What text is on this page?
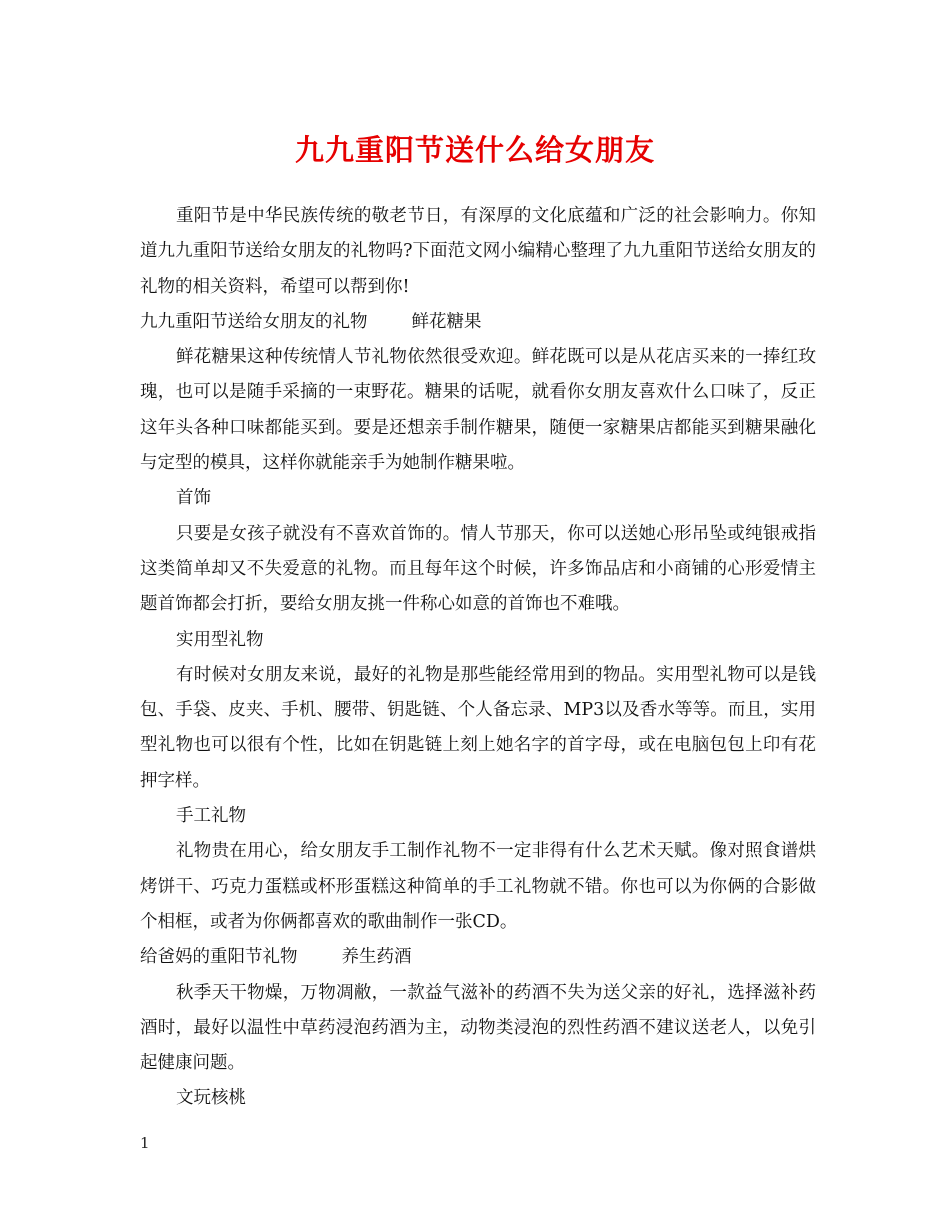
九九重阳节送什么给女朋友

重阳节是中华民族传统的敬老节日，有深厚的文化底蕴和广泛的社会影响力。你知道九九重阳节送给女朋友的礼物吗?下面范文网小编精心整理了九九重阳节送给女朋友的礼物的相关资料，希望可以帮到你!

九九重阳节送给女朋友的礼物	鲜花糖果

鲜花糖果这种传统情人节礼物依然很受欢迎。鲜花既可以是从花店买来的一捧红玫瑰，也可以是随手采摘的一束野花。糖果的话呢，就看你女朋友喜欢什么口味了，反正这年头各种口味都能买到。要是还想亲手制作糖果，随便一家糖果店都能买到糖果融化与定型的模具，这样你就能亲手为她制作糖果啦。

首饰

只要是女孩子就没有不喜欢首饰的。情人节那天，你可以送她心形吊坠或纯银戒指这类简单却又不失爱意的礼物。而且每年这个时候，许多饰品店和小商铺的心形爱情主题首饰都会打折，要给女朋友挑一件称心如意的首饰也不难哦。

实用型礼物

有时候对女朋友来说，最好的礼物是那些能经常用到的物品。实用型礼物可以是钱包、手袋、皮夹、手机、腰带、钥匙链、个人备忘录、MP3以及香水等等。而且，实用型礼物也可以很有个性，比如在钥匙链上刻上她名字的首字母，或在电脑包包上印有花押字样。

手工礼物

礼物贵在用心，给女朋友手工制作礼物不一定非得有什么艺术天赋。像对照食谱烘烤饼干、巧克力蛋糕或杯形蛋糕这种简单的手工礼物就不错。你也可以为你俩的合影做个相框，或者为你俩都喜欢的歌曲制作一张CD。

给爸妈的重阳节礼物	养生药酒

秋季天干物燥，万物凋敝，一款益气滋补的药酒不失为送父亲的好礼，选择滋补药酒时，最好以温性中草药浸泡药酒为主，动物类浸泡的烈性药酒不建议送老人，以免引起健康问题。

文玩核桃

1
